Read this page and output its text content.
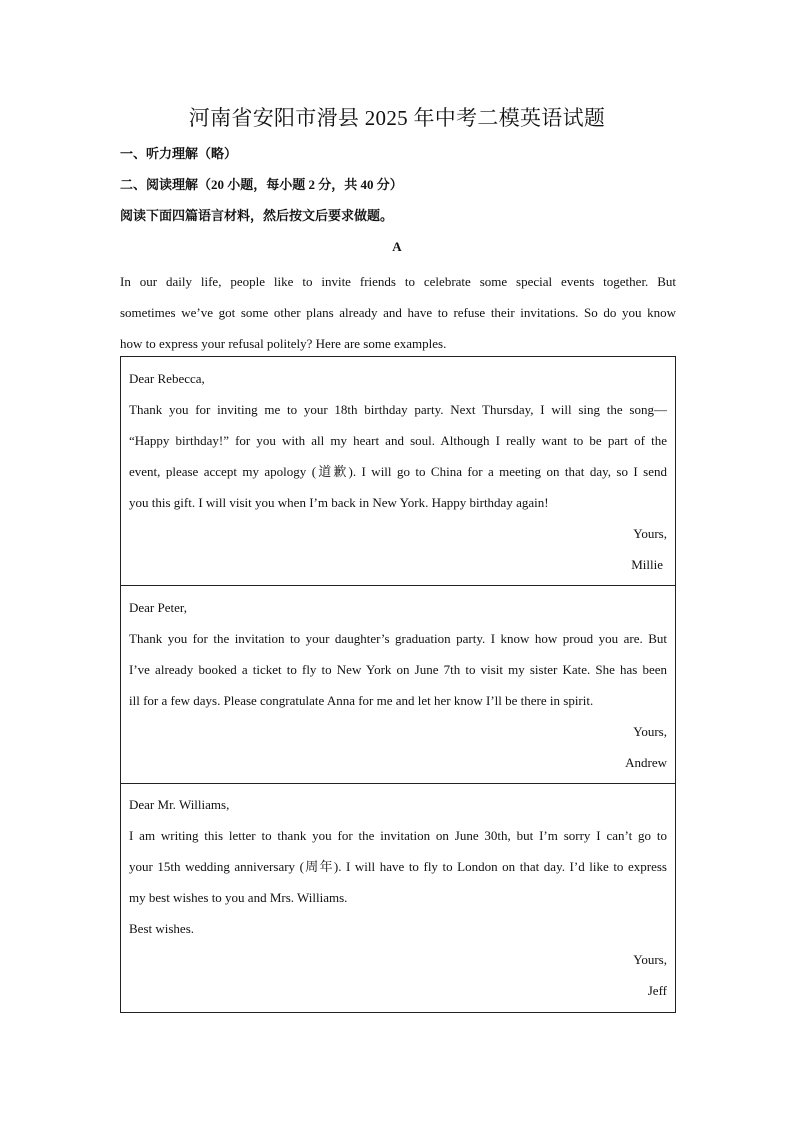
河南省安阳市滑县 2025 年中考二模英语试题
一、听力理解（略）
二、阅读理解（20 小题，每小题 2 分，共 40 分）
阅读下面四篇语言材料，然后按文后要求做题。
A
In our daily life, people like to invite friends to celebrate some special events together. But
sometimes we’ve got some other plans already and have to refuse their invitations. So do you know
how to express your refusal politely? Here are some examples.
Dear Rebecca,
Thank you for inviting me to your 18th birthday party. Next Thursday, I will sing the song—
“Happy birthday!” for you with all my heart and soul. Although I really want to be part of the
event, please accept my apology (道歉). I will go to China for a meeting on that day, so I send
you this gift. I will visit you when I’m back in New York. Happy birthday again!
Yours,
Millie
Dear Peter,
Thank you for the invitation to your daughter’s graduation party. I know how proud you are. But
I’ve already booked a ticket to fly to New York on June 7th to visit my sister Kate. She has been
ill for a few days. Please congratulate Anna for me and let her know I’ll be there in spirit.
Yours,
Andrew
Dear Mr. Williams,
I am writing this letter to thank you for the invitation on June 30th, but I’m sorry I can’t go to
your 15th wedding anniversary (周年). I will have to fly to London on that day. I’d like to express
my best wishes to you and Mrs. Williams.
Best wishes.
Yours,
Jeff
